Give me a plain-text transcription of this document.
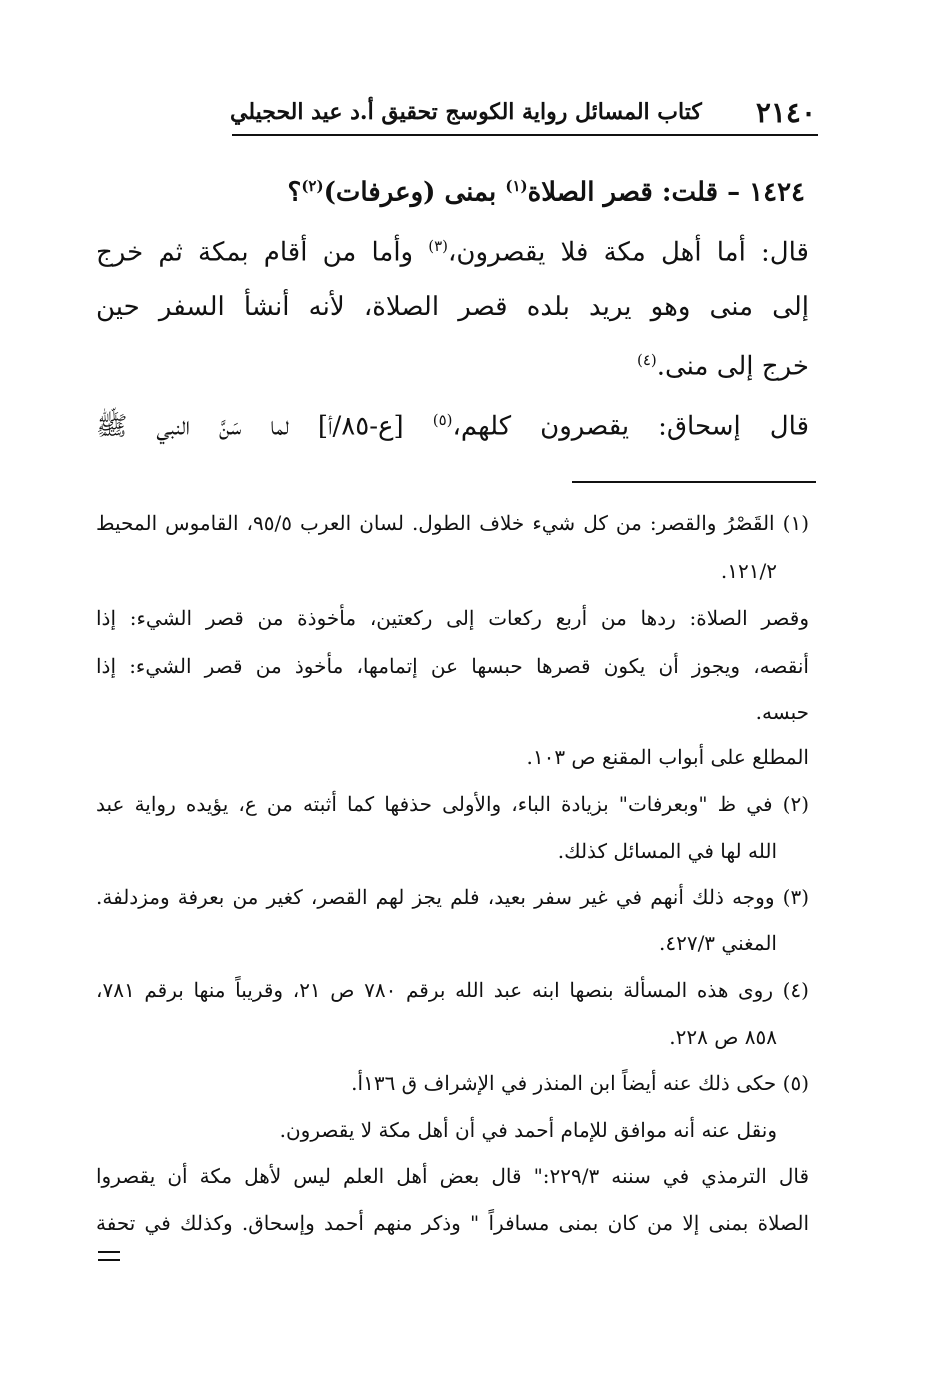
كتاب المسائل رواية الكوسج تحقيق أ.د عيد الحجيلي ٢١٤٠
١٤٢٤ – قلت: قصر الصلاة$^{(١)}$ بمنى (وعرفات)$^{(٢)}$؟
قال: أما أهل مكة فلا يقصرون،$^{(٣)}$ وأما من أقام بمكة ثم خرج
إلى منى وهو يريد بلده قصر الصلاة، لأنه أنشأ السفر حين
خرج إلى منى.$^{(٤)}$
قال إسحاق: يقصرون كلهم،$^{(٥)}$ [ع-٨٥/أ] لما سَنَّ النبي ﷺ
(١) القَصْرُ والقصر: من كل شيء خلاف الطول. لسان العرب ٩٥/٥، القاموس المحيط
١٢١/٢.
وقصر الصلاة: ردها من أربع ركعات إلى ركعتين، مأخوذة من قصر الشيء: إذا
أنقصه، ويجوز أن يكون قصرها حبسها عن إتمامها، مأخوذ من قصر الشيء: إذا
حبسه.
المطلع على أبواب المقنع ص ١٠٣.
(٢) في ظ "وبعرفات" بزيادة الباء، والأولى حذفها كما أثبته من ع، يؤيده رواية عبد
الله لها في المسائل كذلك.
(٣) ووجه ذلك أنهم في غير سفر بعيد، فلم يجز لهم القصر، كغير من بعرفة ومزدلفة.
المغني ٤٢٧/٣.
(٤) روى هذه المسألة بنصها ابنه عبد الله برقم ٧٨٠ ص ٢١، وقريباً منها برقم ٧٨١،
٨٥٨ ص ٢٢٨.
(٥) حكى ذلك عنه أيضاً ابن المنذر في الإشراف ق ١٣٦أ.
ونقل عنه أنه موافق للإمام أحمد في أن أهل مكة لا يقصرون.
قال الترمذي في سننه ٢٢٩/٣:" قال بعض أهل العلم ليس لأهل مكة أن يقصروا
الصلاة بمنى إلا من كان بمنى مسافراً " وذكر منهم أحمد وإسحاق. وكذلك في تحفة
